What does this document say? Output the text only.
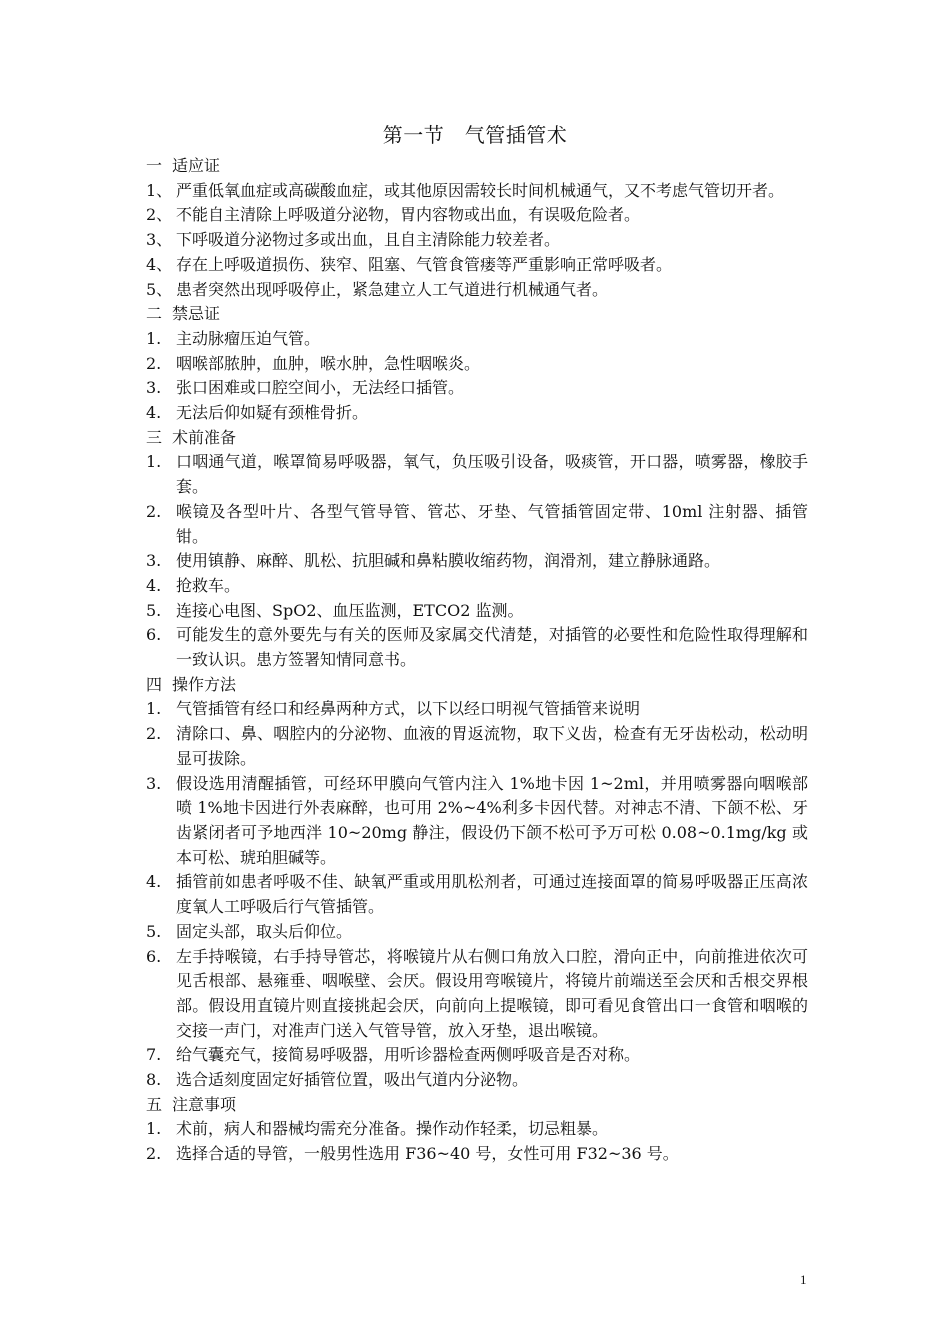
第一节　气管插管术
一 适应证
1、 严重低氧血症或高碳酸血症，或其他原因需较长时间机械通气，又不考虑气管切开者。
2、 不能自主清除上呼吸道分泌物，胃内容物或出血，有误吸危险者。
3、 下呼吸道分泌物过多或出血，且自主清除能力较差者。
4、 存在上呼吸道损伤、狭窄、阻塞、气管食管瘘等严重影响正常呼吸者。
5、 患者突然出现呼吸停止，紧急建立人工气道进行机械通气者。
二 禁忌证
1. 主动脉瘤压迫气管。
2. 咽喉部脓肿，血肿，喉水肿，急性咽喉炎。
3. 张口困难或口腔空间小，无法经口插管。
4. 无法后仰如疑有颈椎骨折。
三 术前准备
1. 口咽通气道，喉罩简易呼吸器，氧气，负压吸引设备，吸痰管，开口器，喷雾器，橡胶手套。
2. 喉镜及各型叶片、各型气管导管、管芯、牙垫、气管插管固定带、10ml 注射器、插管钳。
3. 使用镇静、麻醉、肌松、抗胆碱和鼻粘膜收缩药物，润滑剂，建立静脉通路。
4. 抢救车。
5. 连接心电图、SpO2、血压监测，ETCO2 监测。
6. 可能发生的意外要先与有关的医师及家属交代清楚，对插管的必要性和危险性取得理解和一致认识。患方签署知情同意书。
四 操作方法
1. 气管插管有经口和经鼻两种方式，以下以经口明视气管插管来说明
2. 清除口、鼻、咽腔内的分泌物、血液的胃返流物，取下义齿，检查有无牙齿松动，松动明显可拔除。
3. 假设选用清醒插管，可经环甲膜向气管内注入 1%地卡因 1~2ml，并用喷雾器向咽喉部喷 1%地卡因进行外表麻醉，也可用 2%~4%利多卡因代替。对神志不清、下颌不松、牙齿紧闭者可予地西泮 10~20mg 静注，假设仍下颌不松可予万可松 0.08~0.1mg/kg 或本可松、琥珀胆碱等。
4. 插管前如患者呼吸不佳、缺氧严重或用肌松剂者，可通过连接面罩的简易呼吸器正压高浓度氧人工呼吸后行气管插管。
5. 固定头部，取头后仰位。
6. 左手持喉镜，右手持导管芯，将喉镜片从右侧口角放入口腔，滑向正中，向前推进依次可见舌根部、悬雍垂、咽喉壁、会厌。假设用弯喉镜片，将镜片前端送至会厌和舌根交界根部。假设用直镜片则直接挑起会厌，向前向上提喉镜，即可看见食管出口一食管和咽喉的交接一声门，对准声门送入气管导管，放入牙垫，退出喉镜。
7. 给气囊充气，接简易呼吸器，用听诊器检查两侧呼吸音是否对称。
8. 选合适刻度固定好插管位置，吸出气道内分泌物。
五 注意事项
1. 术前，病人和器械均需充分准备。操作动作轻柔，切忌粗暴。
2. 选择合适的导管，一般男性选用 F36~40 号，女性可用 F32~36 号。
1
